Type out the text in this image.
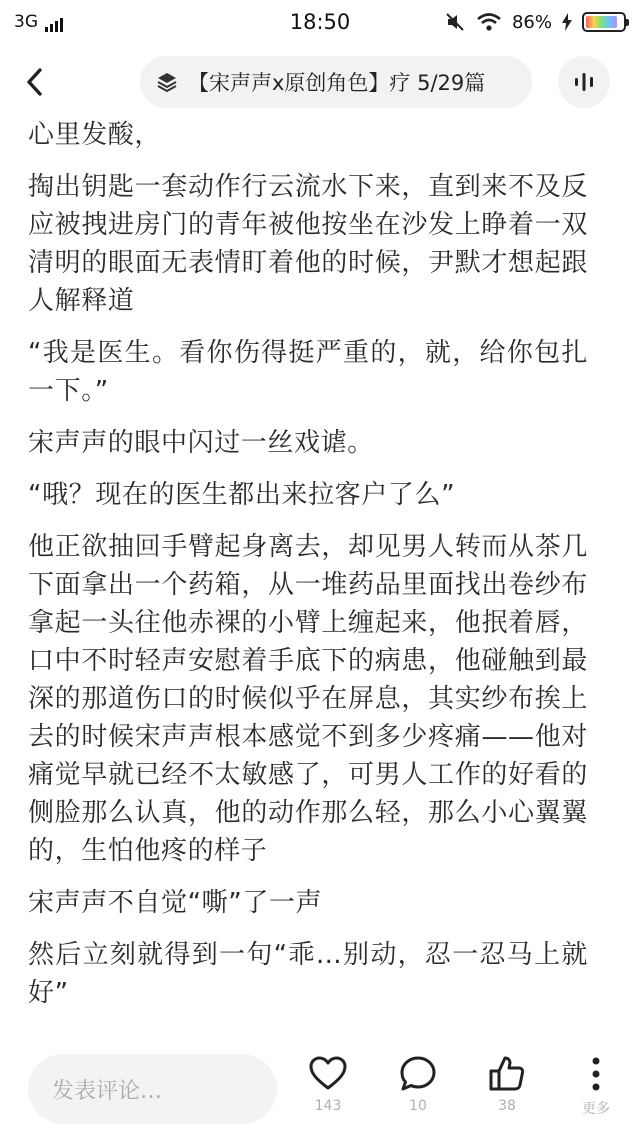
3G	18:50	86%
【宋声声x原创角色】疗 5/29篇

心里发酸，

掏出钥匙一套动作行云流水下来，直到来不及反应被拽进房门的青年被他按坐在沙发上睁着一双清明的眼面无表情盯着他的时候，尹默才想起跟人解释道

“我是医生。看你伤得挺严重的，就，给你包扎一下。”

宋声声的眼中闪过一丝戏谑。

“哦？现在的医生都出来拉客户了么”

他正欲抽回手臂起身离去，却见男人转而从茶几下面拿出一个药箱，从一堆药品里面找出卷纱布拿起一头往他赤裸的小臂上缠起来，他抿着唇，口中不时轻声安慰着手底下的病患，他碰触到最深的那道伤口的时候似乎在屏息，其实纱布挨上去的时候宋声声根本感觉不到多少疼痛——他对痛觉早就已经不太敏感了，可男人工作的好看的侧脸那么认真，他的动作那么轻，那么小心翼翼的，生怕他疼的样子

宋声声不自觉“嘶”了一声

然后立刻就得到一句“乖…别动，忍一忍马上就好”

发表评论…
143	10	38	更多
